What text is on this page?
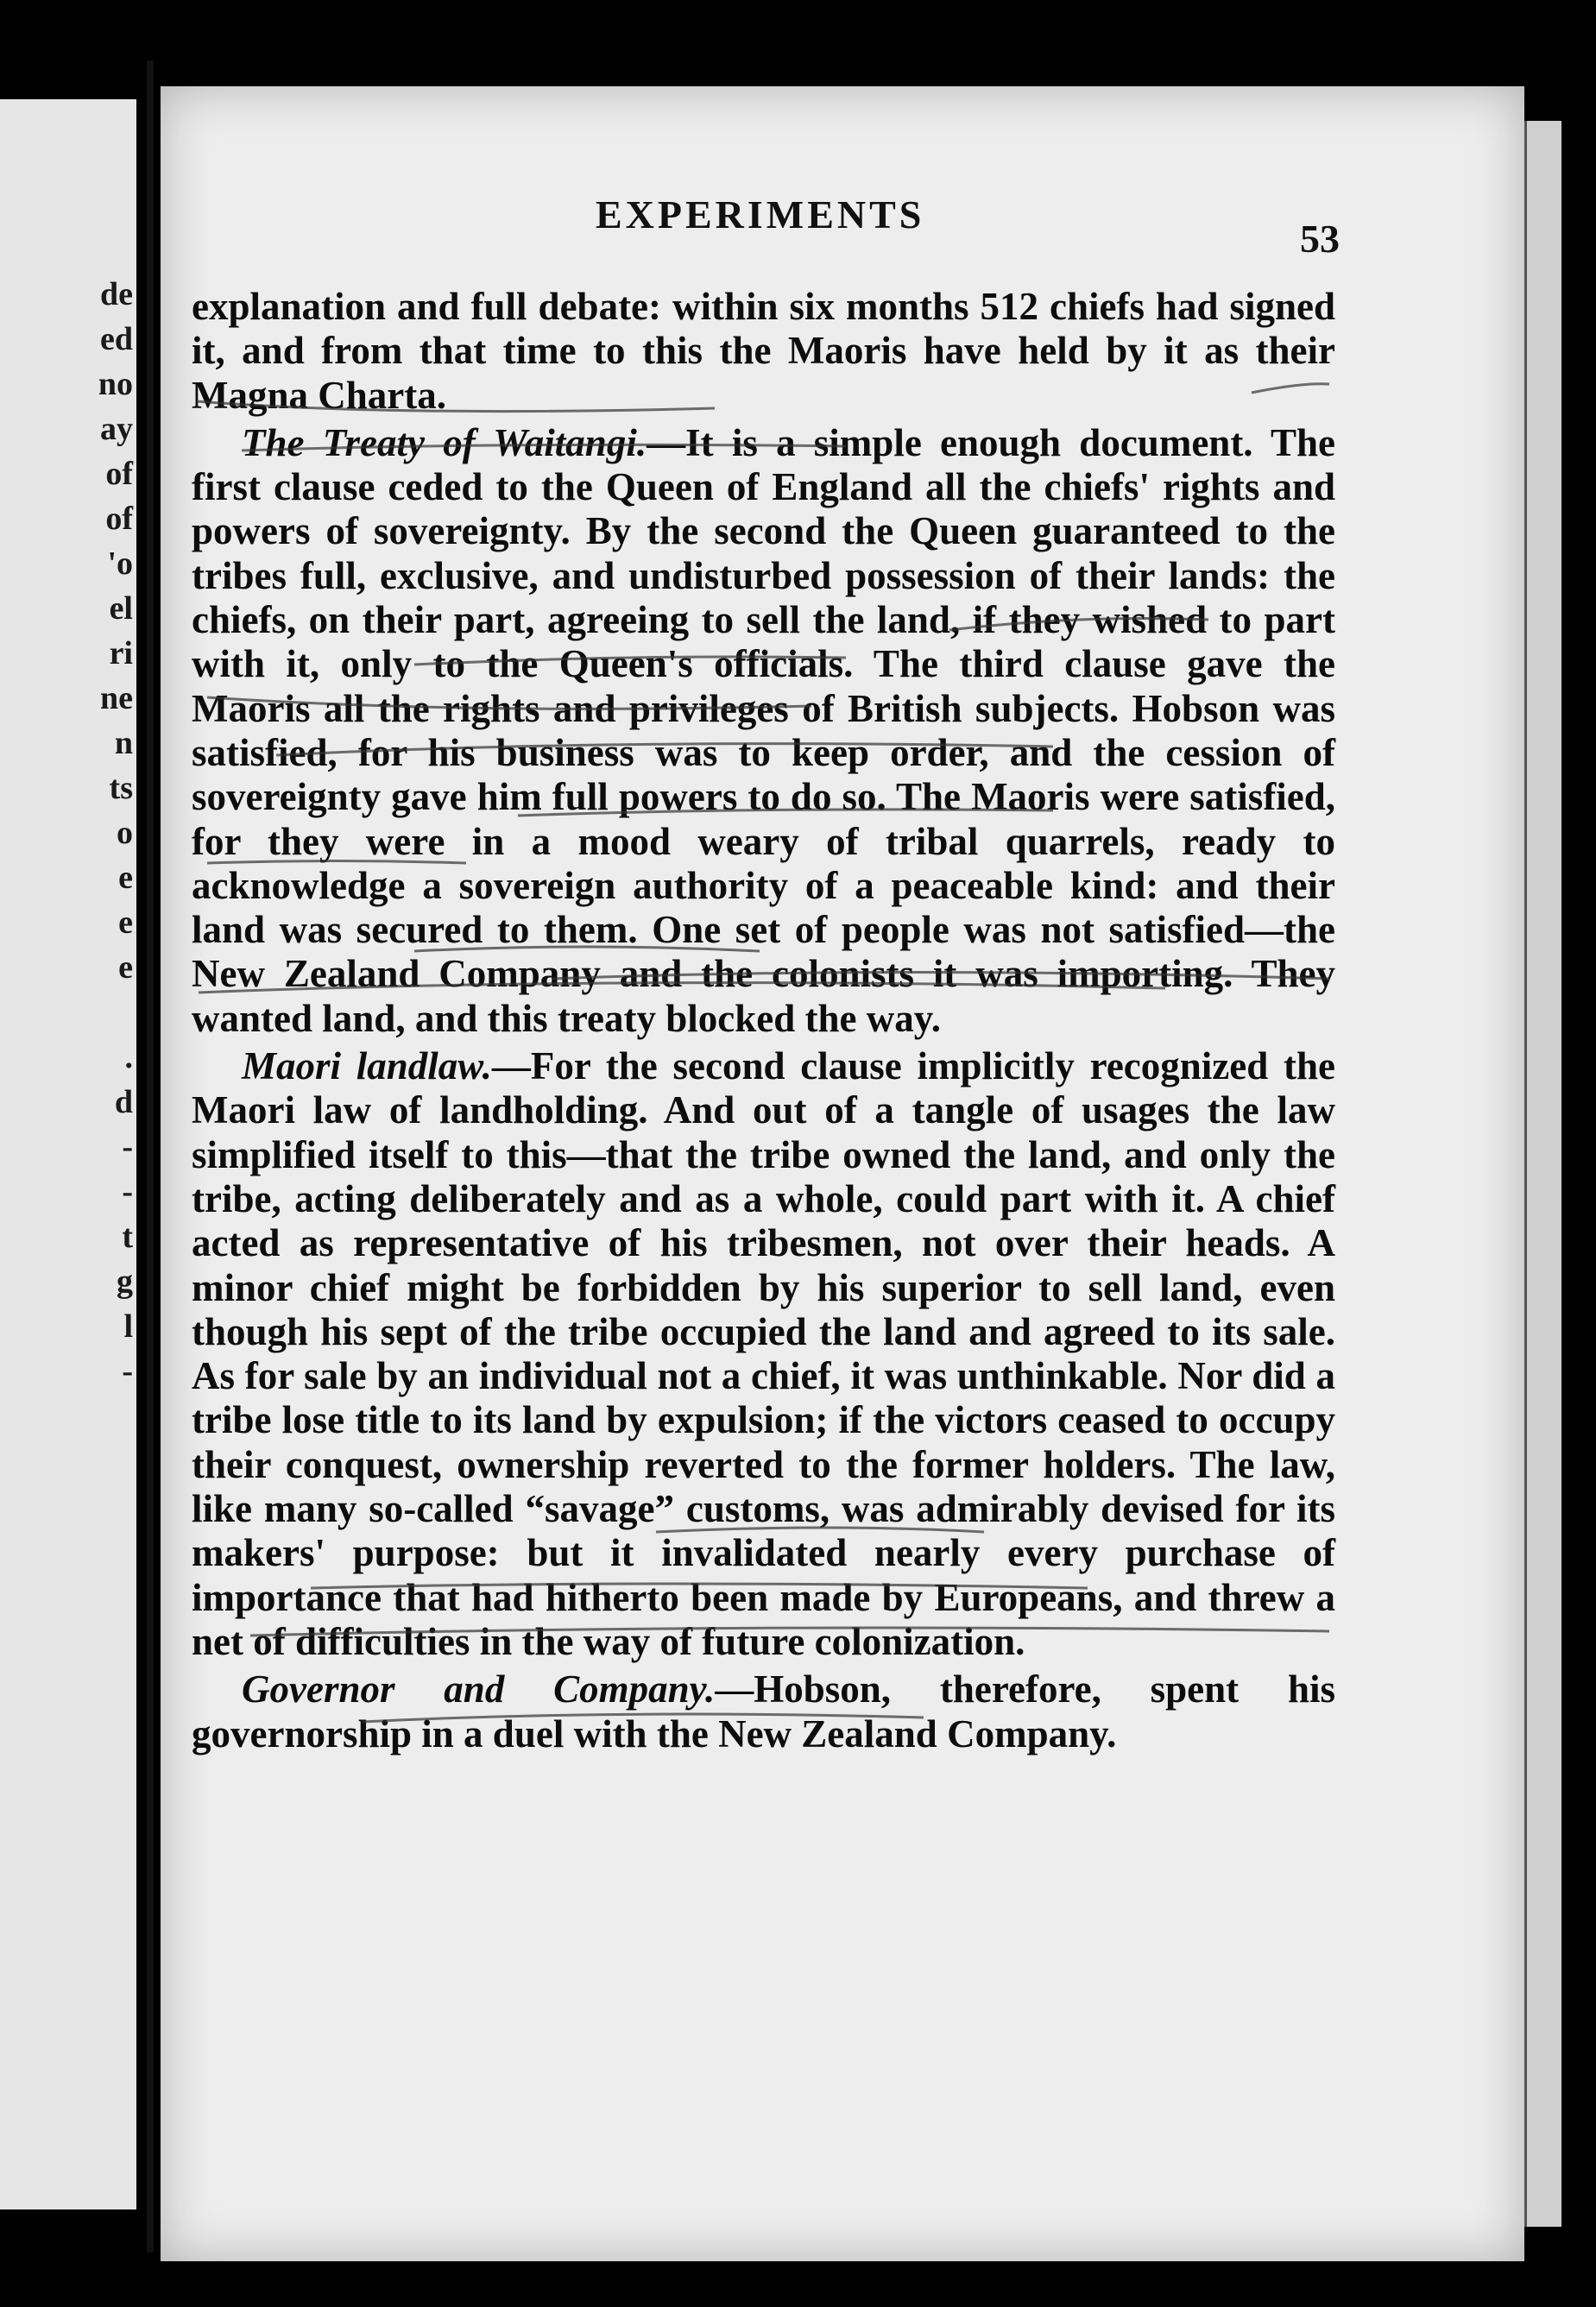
de
ed
no
ay
of
of
'o
el
ri
ne
n
ts
o
e
e
e
.
d
-
-
t
g
l
-
EXPERIMENTS
53

explanation and full debate: within six months 512 chiefs had signed it, and from that time to this the Maoris have held by it as their Magna Charta.

The Treaty of Waitangi.—It is a simple enough document. The first clause ceded to the Queen of England all the chiefs' rights and powers of sovereignty. By the second the Queen guaranteed to the tribes full, exclusive, and undisturbed possession of their lands: the chiefs, on their part, agreeing to sell the land, if they wished to part with it, only to the Queen's officials. The third clause gave the Maoris all the rights and privileges of British subjects. Hobson was satisfied, for his business was to keep order, and the cession of sovereignty gave him full powers to do so. The Maoris were satisfied, for they were in a mood weary of tribal quarrels, ready to acknowledge a sovereign authority of a peaceable kind: and their land was secured to them. One set of people was not satisfied—the New Zealand Company and the colonists it was importing. They wanted land, and this treaty blocked the way.

Maori landlaw.—For the second clause implicitly recognized the Maori law of landholding. And out of a tangle of usages the law simplified itself to this—that the tribe owned the land, and only the tribe, acting deliberately and as a whole, could part with it. A chief acted as representative of his tribesmen, not over their heads. A minor chief might be forbidden by his superior to sell land, even though his sept of the tribe occupied the land and agreed to its sale. As for sale by an individual not a chief, it was unthinkable. Nor did a tribe lose title to its land by expulsion; if the victors ceased to occupy their conquest, ownership reverted to the former holders. The law, like many so-called “savage” customs, was admirably devised for its makers' purpose: but it invalidated nearly every purchase of importance that had hitherto been made by Europeans, and threw a net of difficulties in the way of future colonization.

Governor and Company.—Hobson, therefore, spent his governorship in a duel with the New Zealand Company.
